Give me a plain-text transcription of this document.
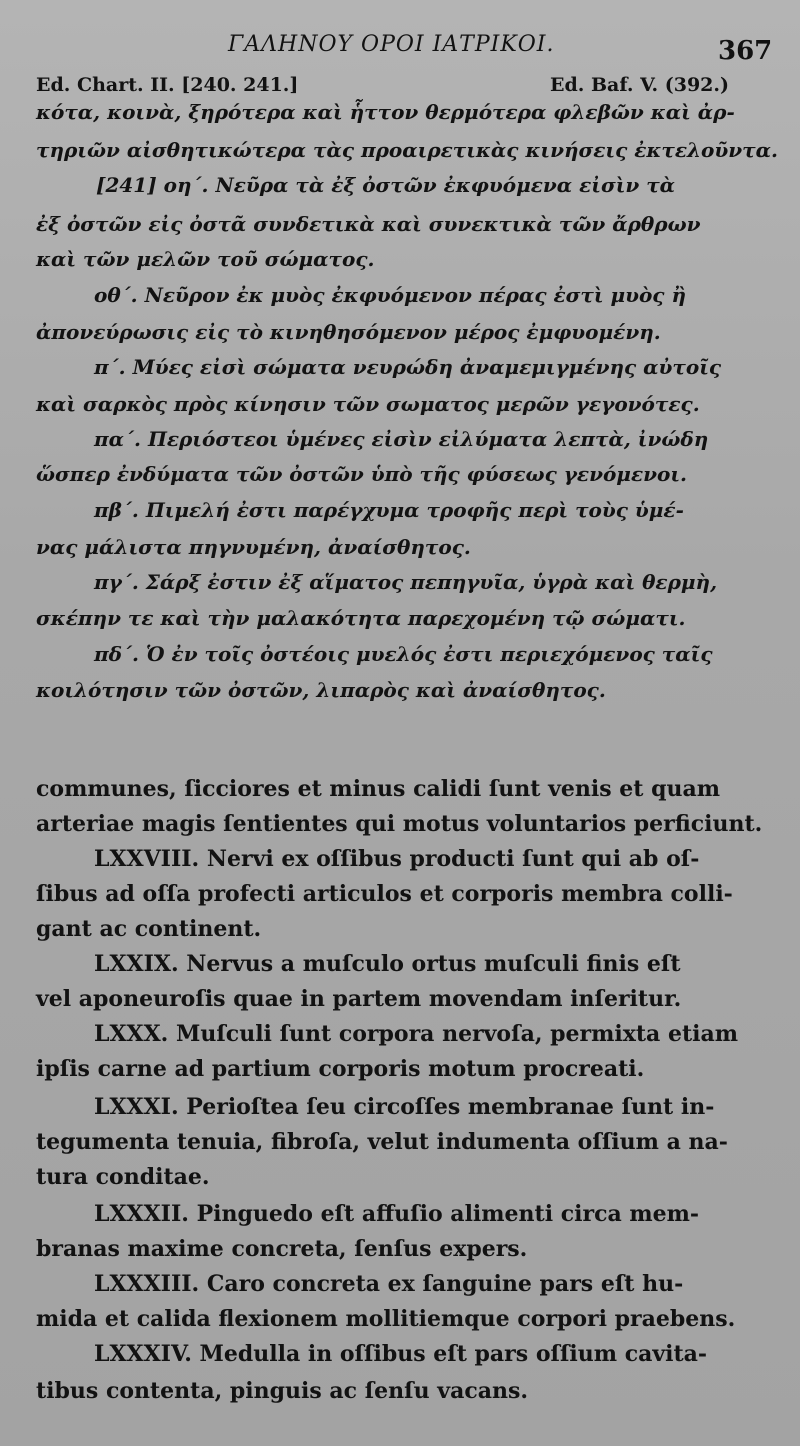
ΓΑΛΗΝΟΥ ΟΡΟΙ ΙΑΤΡΙΚΟΙ.	367
Ed. Chart. II. [240. 241.]	Ed. Baf. V. (392.)
κότα, κοινὰ, ξηρότερα καὶ ἧττον θερμότερα φλεβῶν καὶ ἀρ-
τηριῶν αἰσθητικώτερα τὰς προαιρετικὰς κινήσεις ἐκτελοῦντα.
[241] οη΄. Νεῦρα τὰ ἐξ ὀστῶν ἐκφυόμενα εἰσὶν τὰ
ἐξ ὀστῶν εἰς ὀστᾶ συνδετικὰ καὶ συνεκτικὰ τῶν ἄρθρων
καὶ τῶν μελῶν τοῦ σώματος.
οθ΄. Νεῦρον ἐκ μυὸς ἐκφυόμενον πέρας ἐστὶ μυὸς ἢ
ἀπονεύρωσις εἰς τὸ κινηθησόμενον μέρος ἐμφυομένη.
π΄. Μύες εἰσὶ σώματα νευρώδη ἀναμεμιγμένης αὐτοῖς
καὶ σαρκὸς πρὸς κίνησιν τῶν σωματος μερῶν γεγονότες.
πα΄. Περιόστεοι ὑμένες εἰσὶν εἰλύματα λεπτὰ, ἰνώδη
ὥσπερ ἐνδύματα τῶν ὀστῶν ὑπὸ τῆς φύσεως γενόμενοι.
πβ΄. Πιμελή ἐστι παρέγχυμα τροφῆς περὶ τοὺς ὑμέ-
νας μάλιστα πηγνυμένη, ἀναίσθητος.
πγ΄. Σάρξ ἐστιν ἐξ αἵματος πεπηγυῖα, ὑγρὰ καὶ θερμὴ,
σκέπην τε καὶ τὴν μαλακότητα παρεχομένη τῷ σώματι.
πδ΄. Ὁ ἐν τοῖς ὀστέοις μυελός ἐστι περιεχόμενος ταῖς
κοιλότησιν τῶν ὀστῶν, λιπαρὸς καὶ ἀναίσθητος.
communes, ſicciores et minus calidi ſunt venis et quam
arteriae magis ſentientes qui motus voluntarios perficiunt.
LXXVIII. Nervi ex oſſibus producti ſunt qui ab oſ-
ſibus ad oſſa profecti articulos et corporis membra colli-
gant ac continent.
LXXIX. Nervus a muſculo ortus muſculi finis eſt
vel aponeuroſis quae in partem movendam inſeritur.
LXXX. Muſculi ſunt corpora nervoſa, permixta etiam
ipſis carne ad partium corporis motum procreati.
LXXXI. Perioſtea ſeu circoſſes membranae ſunt in-
tegumenta tenuia, fibroſa, velut indumenta oſſium a na-
tura conditae.
LXXXII. Pinguedo eſt affuſio alimenti circa mem-
branas maxime concreta, ſenſus expers.
LXXXIII. Caro concreta ex ſanguine pars eſt hu-
mida et calida flexionem mollitiemque corpori praebens.
LXXXIV. Medulla in oſſibus eſt pars oſſium cavita-
tibus contenta, pinguis ac ſenſu vacans.
